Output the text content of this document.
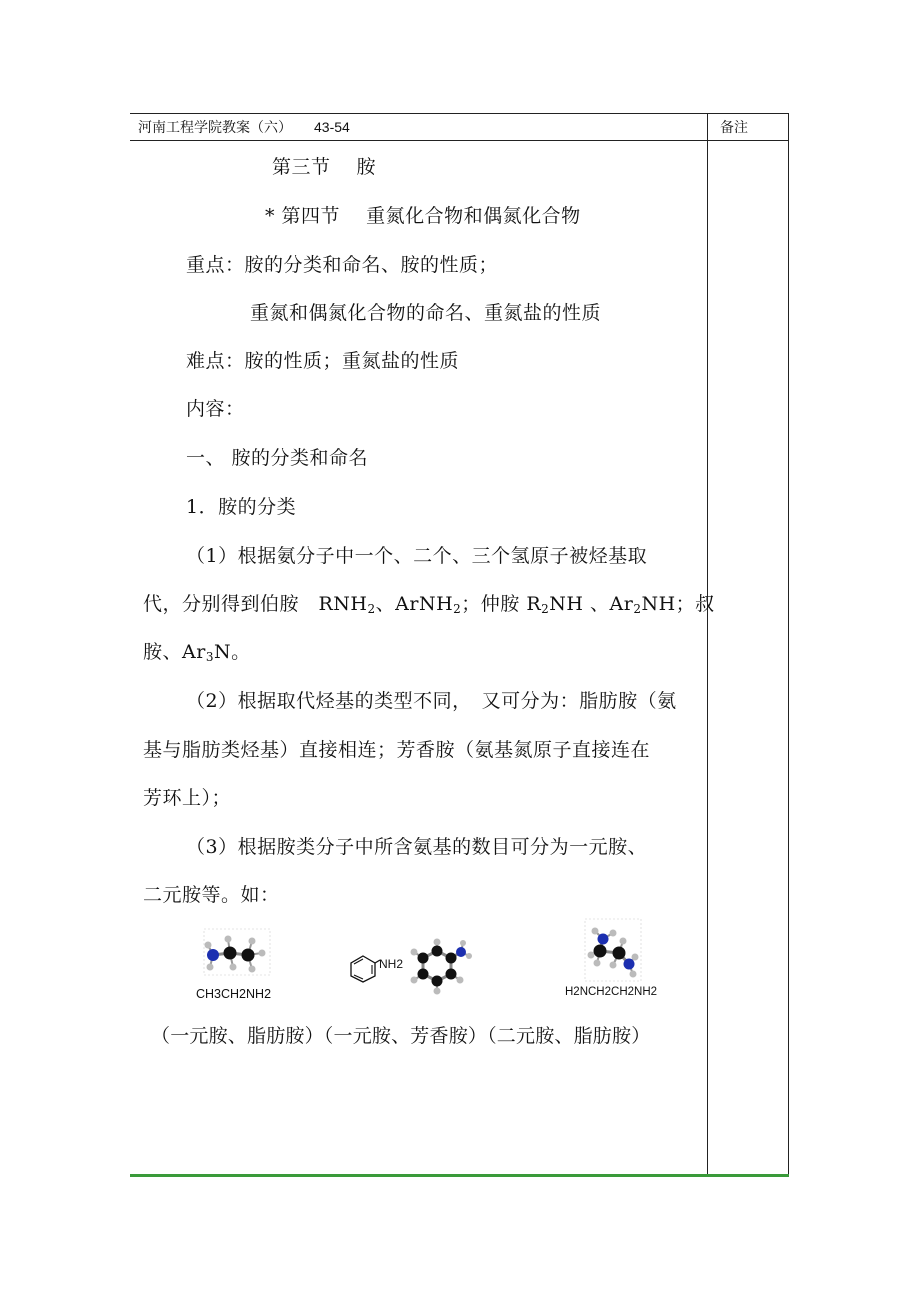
河南工程学院教案（六） 43-54	备注
第三节　 胺
* 第四节　 重氮化合物和偶氮化合物
重点：胺的分类和命名、胺的性质；
重氮和偶氮化合物的命名、重氮盐的性质
难点：胺的性质；重氮盐的性质
内容：
一、 胺的分类和命名
1．胺的分类
（1）根据氨分子中一个、二个、三个氢原子被烃基取
代，分别得到伯胺　$RNH_2$、ArNH$_2$；仲胺 $R_2NH$ 、$Ar_2NH$；叔
胺、$Ar_3N$。
（2）根据取代烃基的类型不同，　又可分为：脂肪胺（氨
基与脂肪类烃基）直接相连；芳香胺（氨基氮原子直接连在
芳环上）；
（3）根据胺类分子中所含氨基的数目可分为一元胺、
二元胺等。如：
CH3CH2NH2
NH2
H2NCH2CH2NH2
（一元胺、脂肪胺）（一元胺、芳香胺）（二元胺、脂肪胺）
